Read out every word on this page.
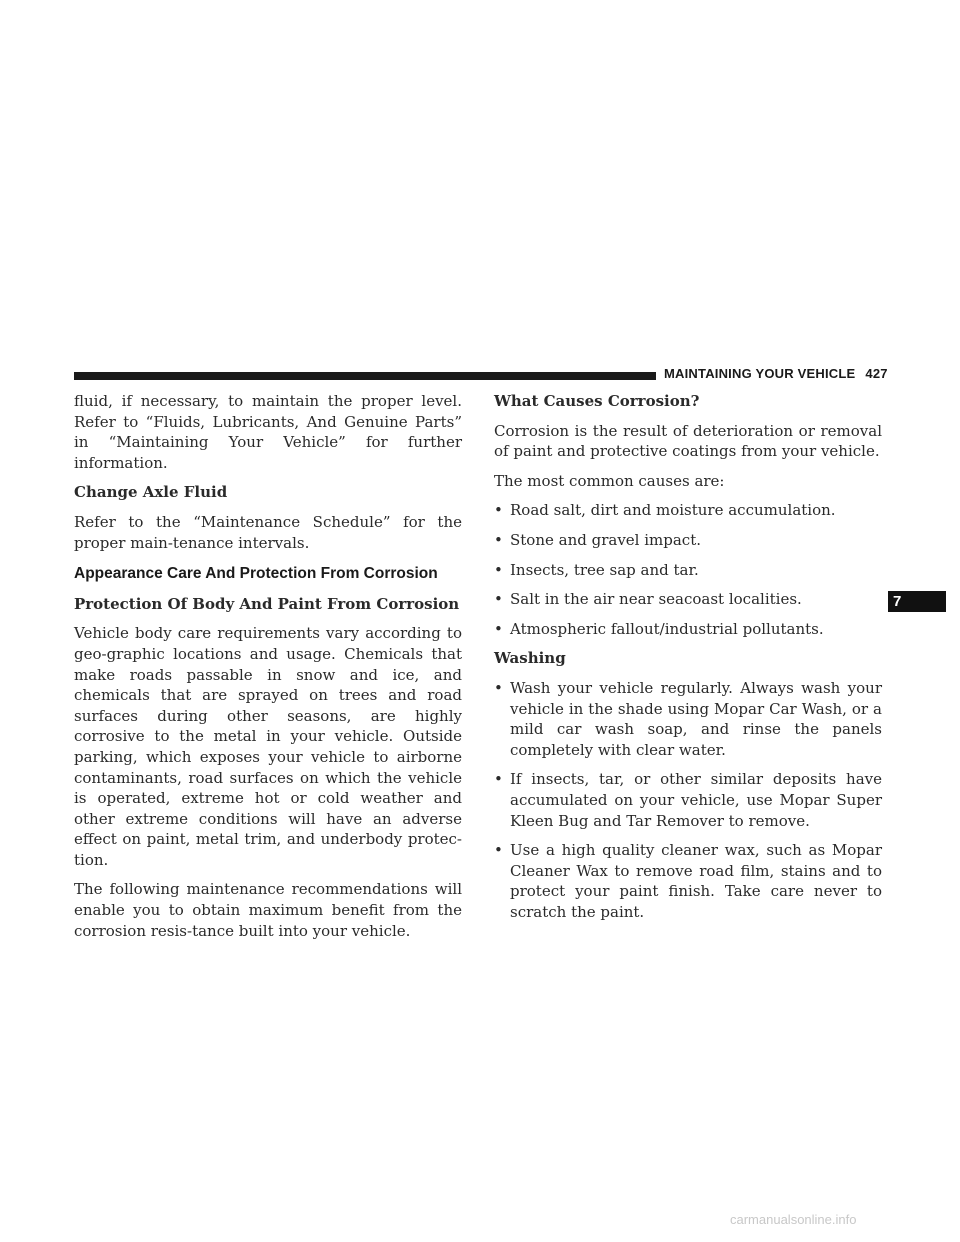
MAINTAINING YOUR VEHICLE 427

fluid, if necessary, to maintain the proper level. Refer to “Fluids, Lubricants, And Genuine Parts” in “Maintaining Your Vehicle” for further information.

Change Axle Fluid

Refer to the “Maintenance Schedule” for the proper main-tenance intervals.

Appearance Care And Protection From Corrosion
Protection Of Body And Paint From Corrosion

Vehicle body care requirements vary according to geo-graphic locations and usage. Chemicals that make roads passable in snow and ice, and chemicals that are sprayed on trees and road surfaces during other seasons, are highly corrosive to the metal in your vehicle. Outside parking, which exposes your vehicle to airborne contaminants, road surfaces on which the vehicle is operated, extreme hot or cold weather and other extreme conditions will have an adverse effect on paint, metal trim, and underbody protec-tion.

The following maintenance recommendations will enable you to obtain maximum benefit from the corrosion resis-tance built into your vehicle.

What Causes Corrosion?

Corrosion is the result of deterioration or removal of paint and protective coatings from your vehicle.

The most common causes are:

• Road salt, dirt and moisture accumulation.
• Stone and gravel impact.
• Insects, tree sap and tar.
• Salt in the air near seacoast localities.
• Atmospheric fallout/industrial pollutants.
Washing
• Wash your vehicle regularly. Always wash your vehicle in the shade using Mopar Car Wash, or a mild car wash soap, and rinse the panels completely with clear water.
• If insects, tar, or other similar deposits have accumulated on your vehicle, use Mopar Super Kleen Bug and Tar Remover to remove.
• Use a high quality cleaner wax, such as Mopar Cleaner Wax to remove road film, stains and to protect your paint finish. Take care never to scratch the paint.
7
carmanualsonline.info
